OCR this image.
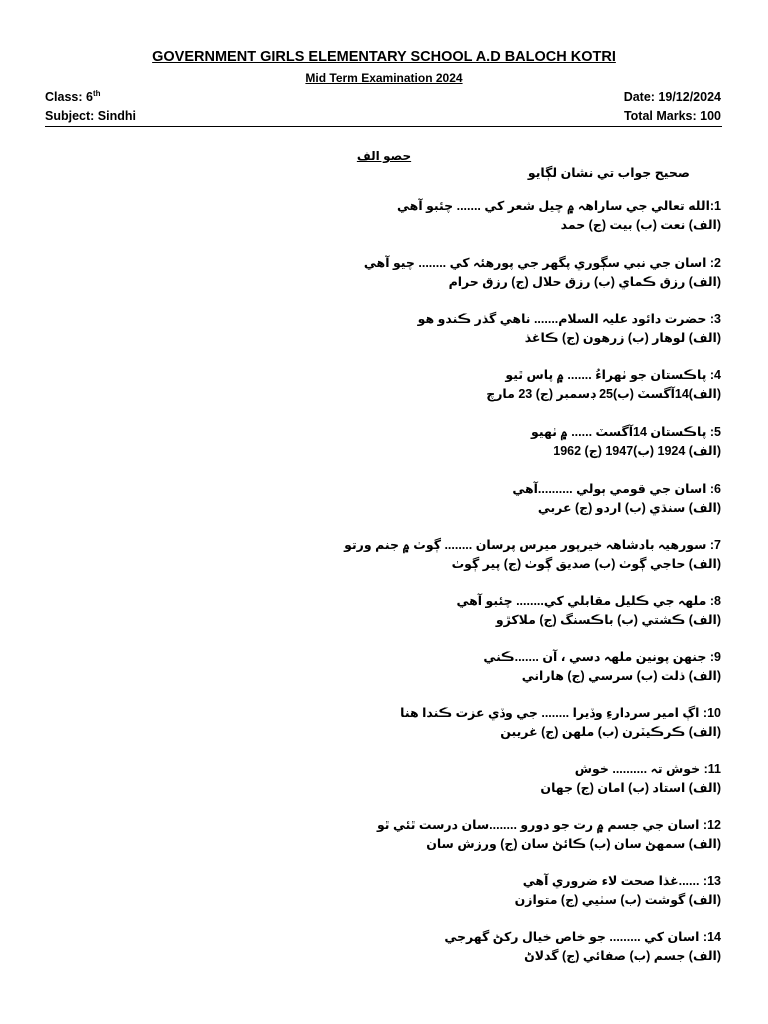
GOVERNMENT GIRLS ELEMENTARY SCHOOL A.D BALOCH KOTRI
Mid Term Examination 2024
Class: 6th	Date: 19/12/2024
Subject: Sindhi	Total Marks: 100
حصو الف
صحيح جواب تي نشان لڳايو
1:الله تعالي جي ساراهہ ۾ چيل شعر کي ....... چئبو آهي
(الف) نعت (ب) بيت (ج) حمد
2: اسان جي نبي سڳوري پگهر جي پورهئہ کي ........ چيو آهي
(الف) رزق ڪماي (ب) رزق حلال (ج) رزق حرام
3: حضرت دائود عليہ السلام....... ناهي گذر ڪندو هو
(الف) لوهار (ب) زرهون (ج) ڪاغذ
4: پاڪستان جو ٺهراءُ ....... ۾ پاس ٿيو
(الف)14آگسٽ (ب)25 ڊسمبر (ج) 23 مارچ
5: پاڪستان 14آگسٽ ...... ۾ ٺهيو
(الف) 1924 (ب)1947 (ج) 1962
6: اسان جي قومي ٻولي ..........آهي
(الف) سنڌي (ب) اردو (ج) عربي
7: سورهيہ بادشاهہ خيرپور ميرس پرسان ........ ڳوٺ ۾ جنم ورتو
(الف) حاجي ڳوٺ (ب) صديق ڳوٺ (ج) پير ڳوٺ
8: ملهہ جي ڪليل مقابلي کي........ چئبو آهي
(الف) ڪشتي (ب) باڪسنگ (ج) ملاکڙو
9: جنهن پونين ملهہ دسي ، آن .......ڪني
(الف) ذلت (ب) سرسي (ج) هاراني
10: اڳ امير سردارءِ وڏيرا ........ جي وڏي عزت ڪندا هنا
(الف) ڪرڪيٽرن (ب) ملهن (ج) غريبن
11: خوش تہ .......... خوش
(الف) استاد (ب) امان (ج) جهان
12: اسان جي جسم ۾ رت جو دورو ........سان درست ٿئي ٿو
(الف) سمهڻ سان (ب) ڪائڻ سان (ج) ورزش سان
13: ......غذا صحت لاء ضروري آهي
(الف) گوشت (ب) سٺيي (ج) متوازن
14: اسان کي ......... جو خاص خيال رکڻ گهرجي
(الف) جسم (ب) صفائي (ج) گدلاڻ
